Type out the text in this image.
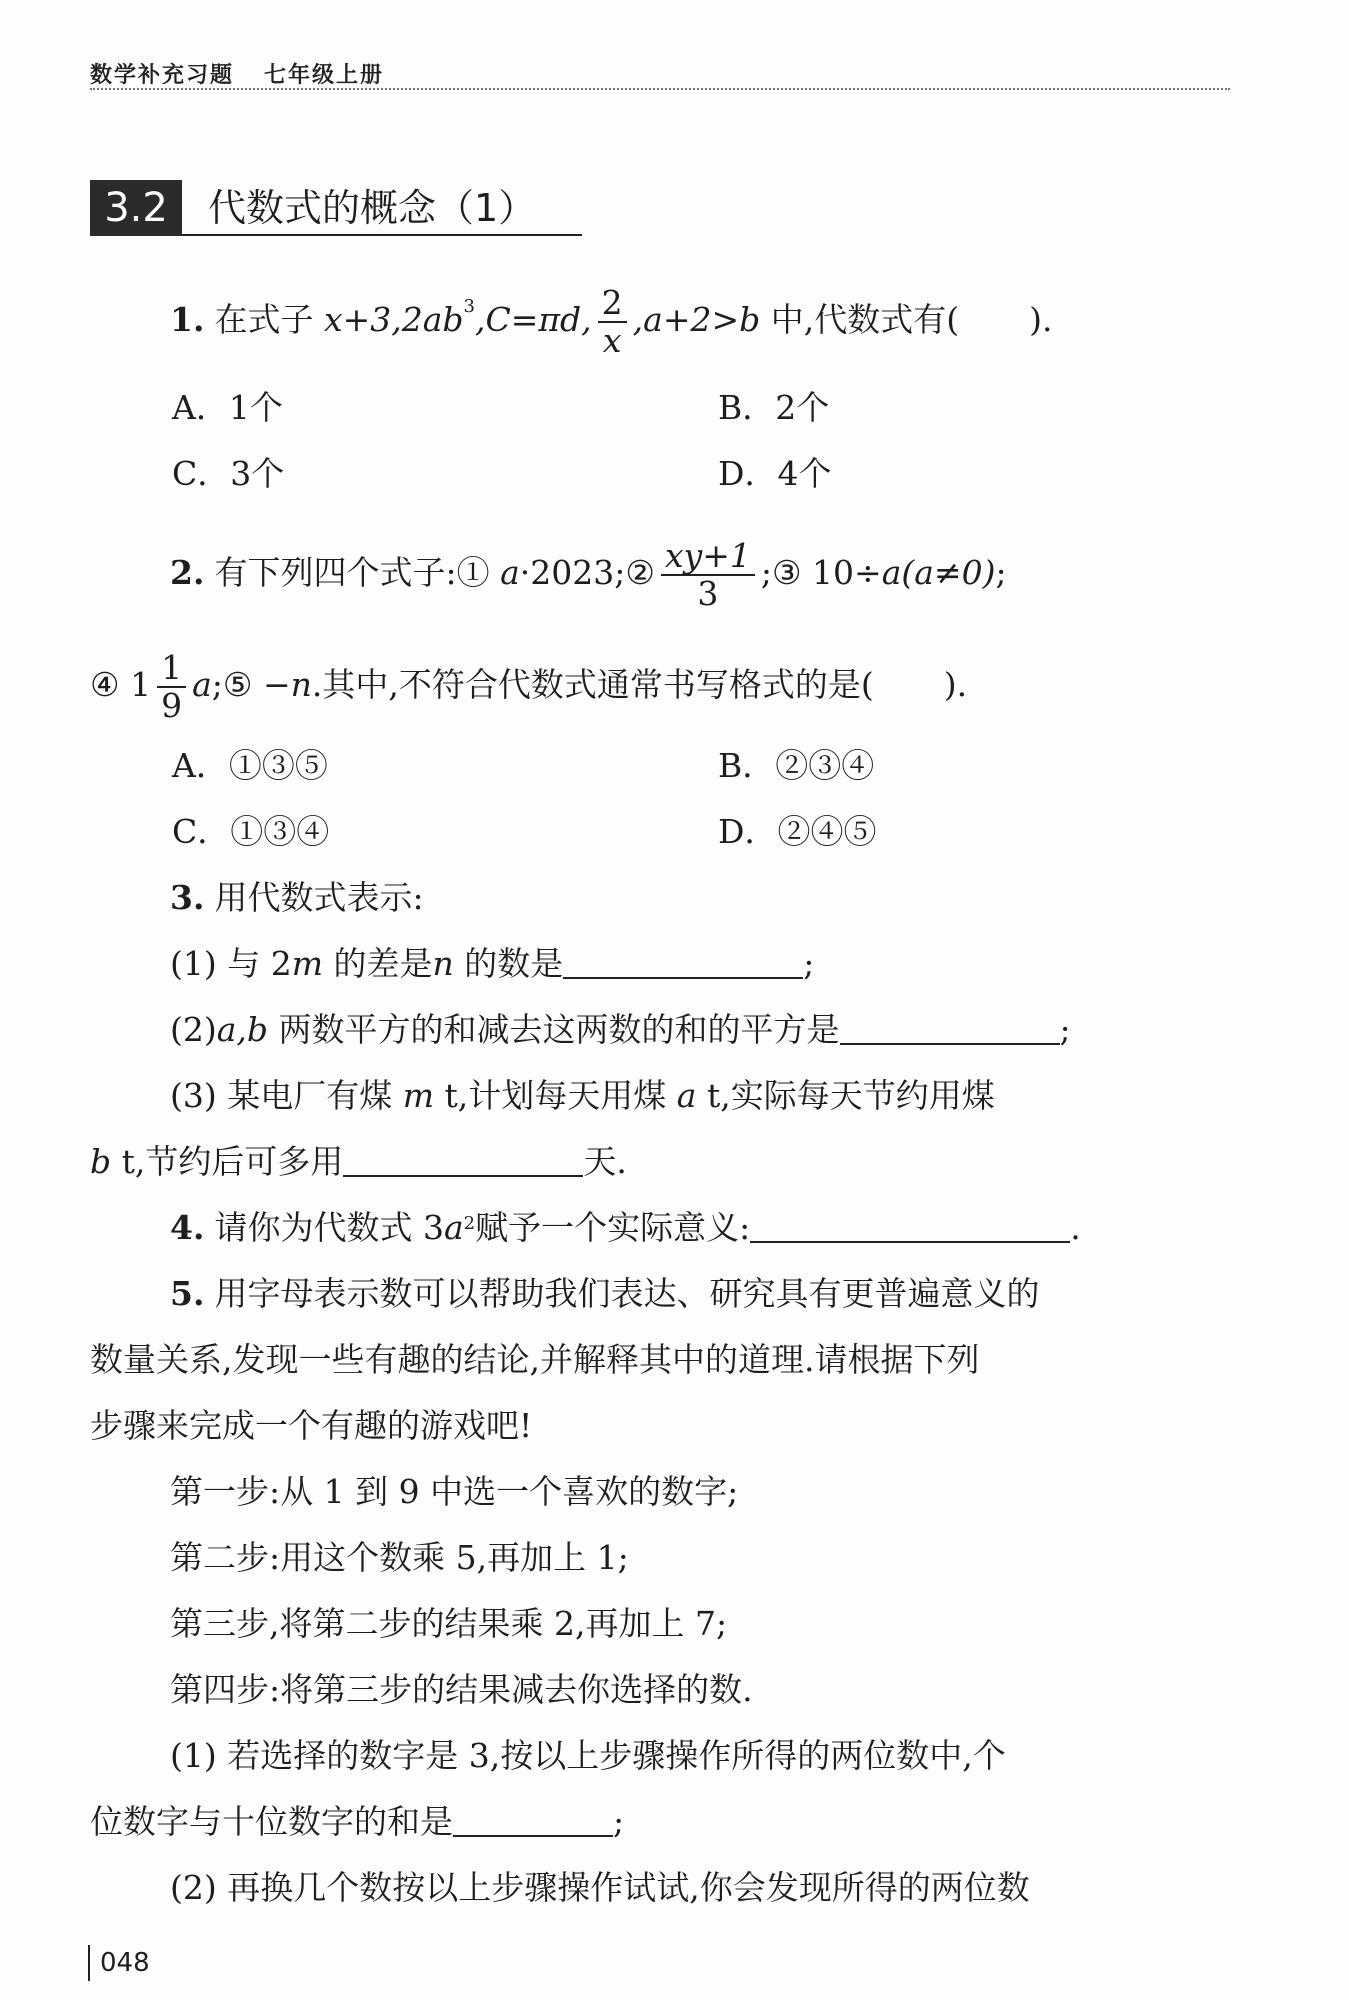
数学补充习题 七年级上册
3.2	代数式的概念（1）
1. 在式子 $x+3,2ab^3,C=\pi d$, $\frac{2}{x} ,a+2>b$ 中,代数式有( ).
A．1个	B．2个
C．3个	D．4个
2. 有下列四个式子:① a·2023;② $\frac{xy+1}{3}$ ;③ 10÷a(a≠0);
④ $1 \frac{1}{9}$ a;⑤ −n.其中,不符合代数式通常书写格式的是( ).
A．①③⑤	B．②③④
C．①③④	D．②④⑤
3. 用代数式表示:
(1) 与 2m 的差是n 的数是	;
(2)a,b 两数平方的和减去这两数的和的平方是	;
(3) 某电厂有煤 m t,计划每天用煤 a t,实际每天节约用煤
b t,节约后可多用	天.
4. 请你为代数式 $3a^2$赋予一个实际意义:	.
5. 用字母表示数可以帮助我们表达、研究具有更普遍意义的
数量关系,发现一些有趣的结论,并解释其中的道理.请根据下列
步骤来完成一个有趣的游戏吧!
第一步:从 1 到 9 中选一个喜欢的数字;
第二步:用这个数乘 5,再加上 1;
第三步,将第二步的结果乘 2,再加上 7;
第四步:将第三步的结果减去你选择的数.
(1) 若选择的数字是 3,按以上步骤操作所得的两位数中,个
位数字与十位数字的和是	;
(2) 再换几个数按以上步骤操作试试,你会发现所得的两位数
048
